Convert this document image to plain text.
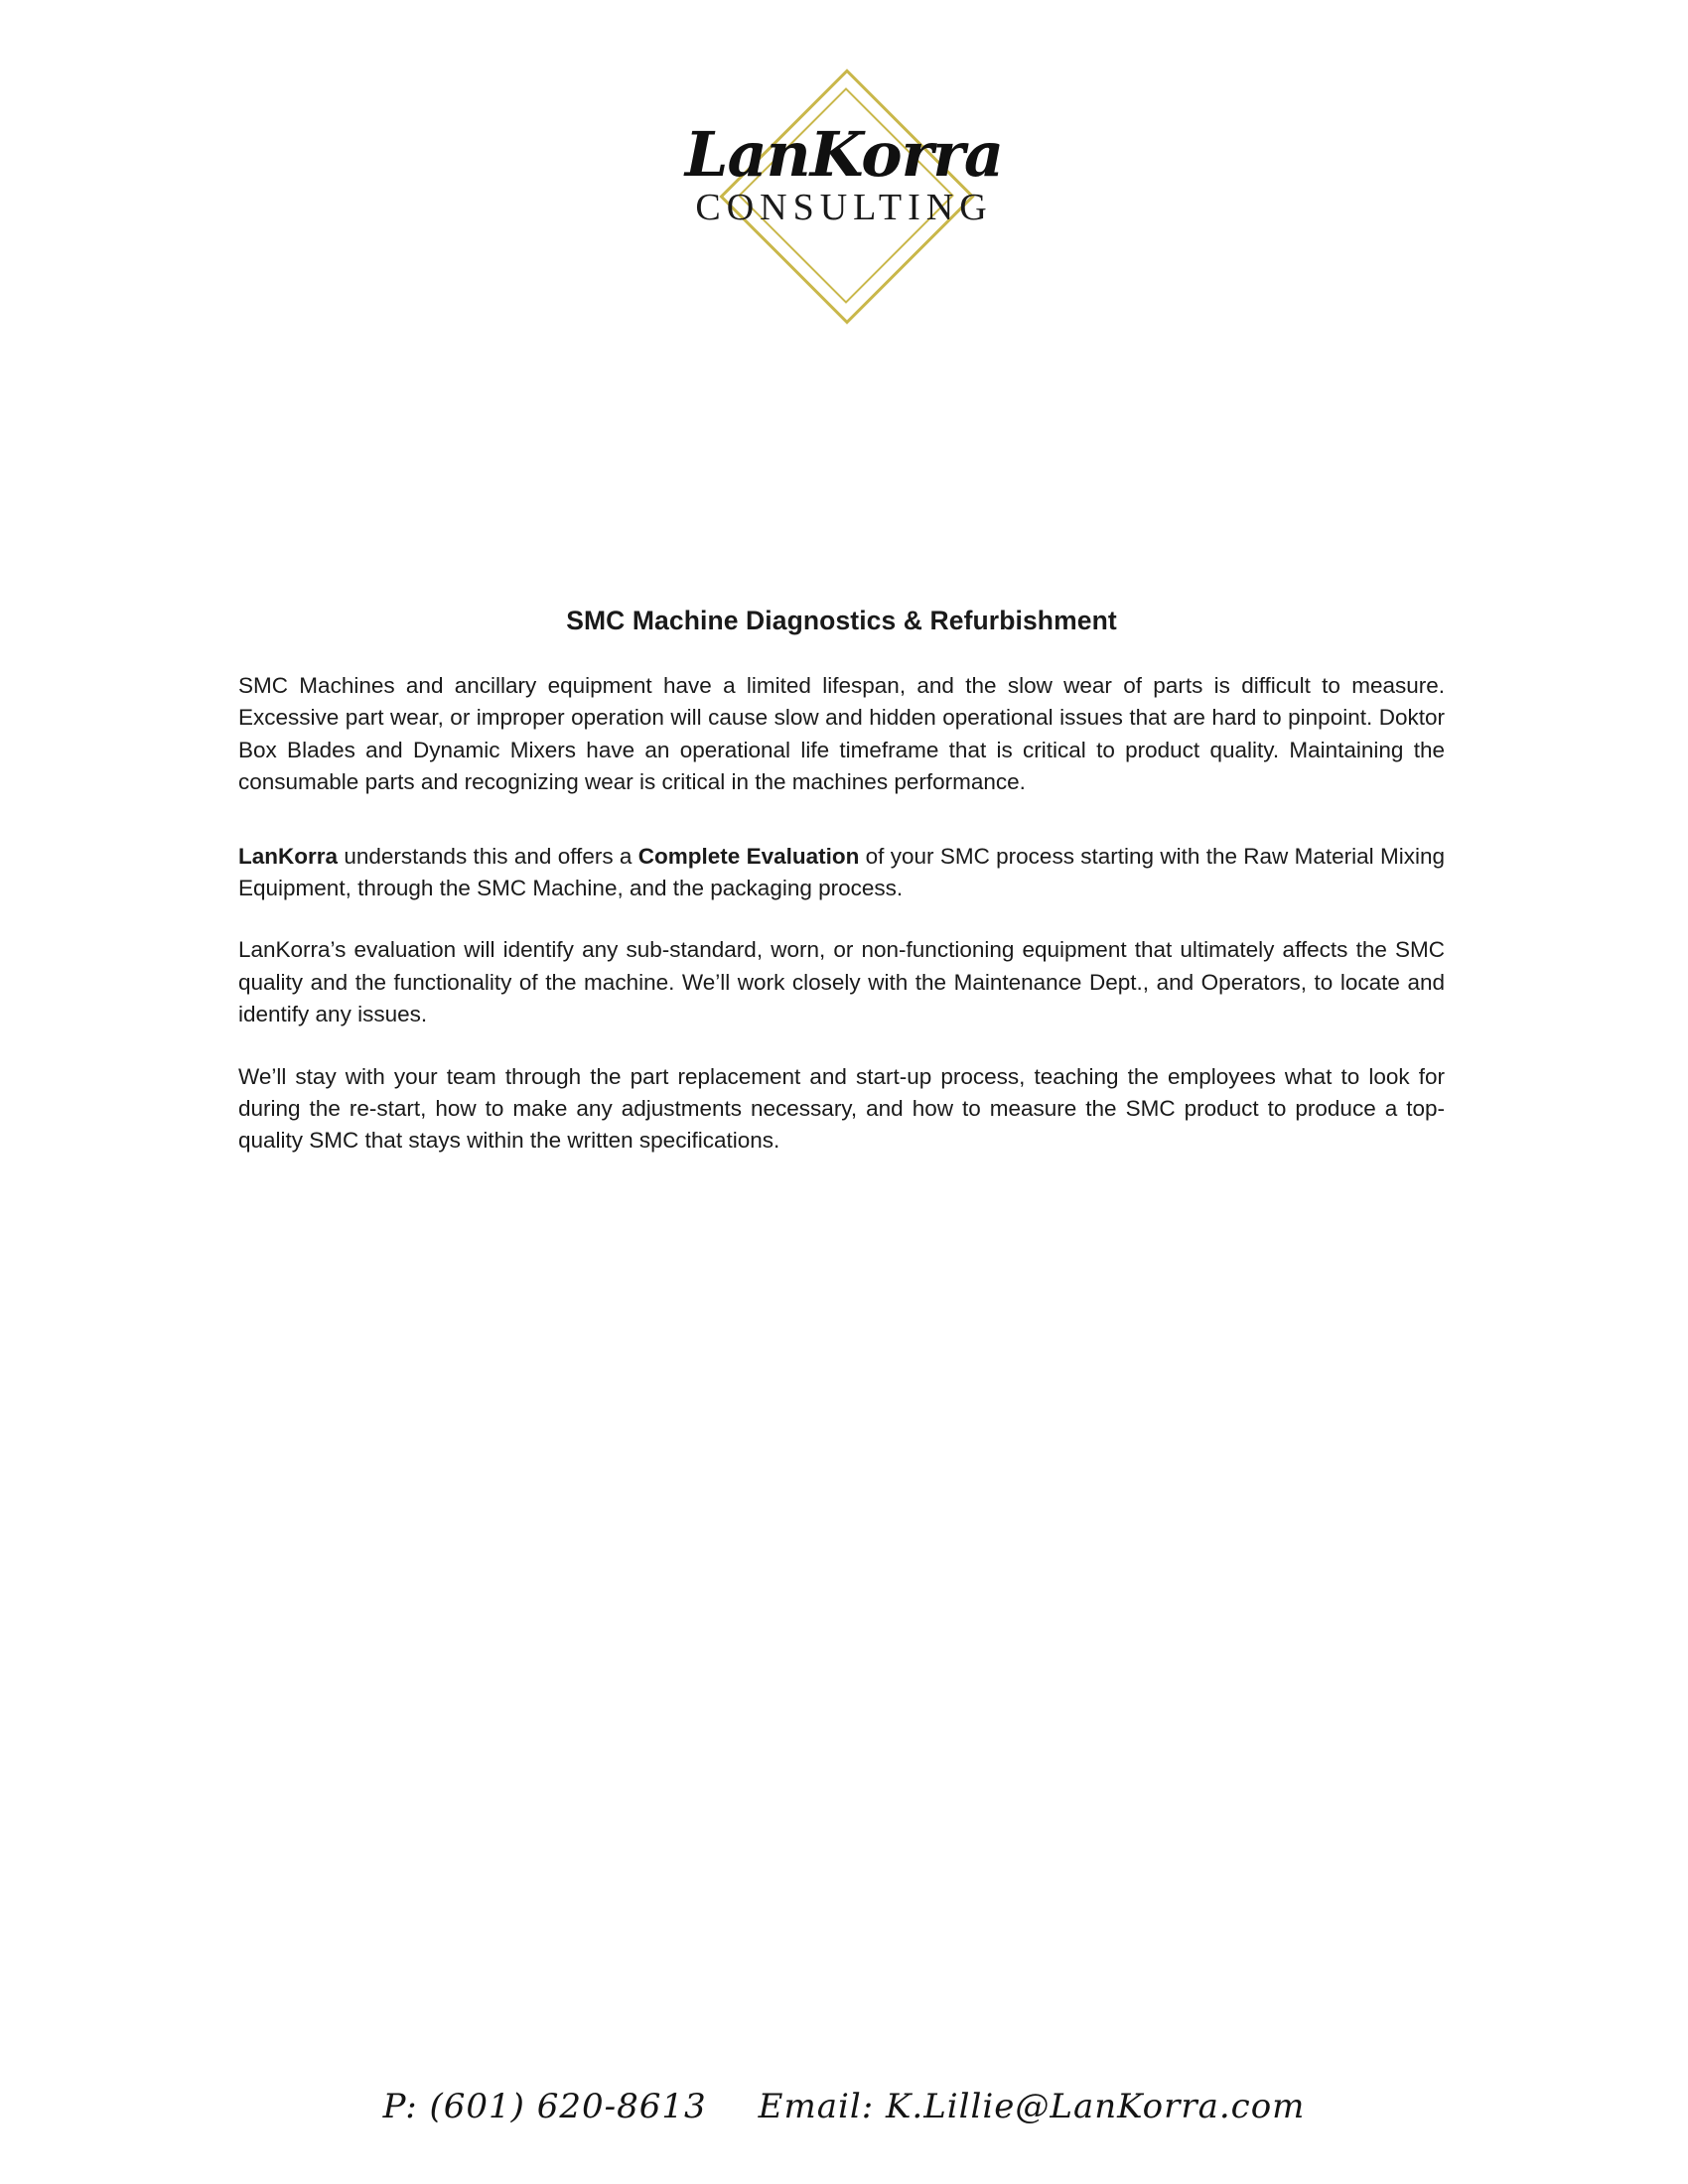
LanKorra
CONSULTING
SMC Machine Diagnostics & Refurbishment

SMC Machines and ancillary equipment have a limited lifespan, and the slow wear of parts is difficult to measure. Excessive part wear, or improper operation will cause slow and hidden operational issues that are hard to pinpoint. Doktor Box Blades and Dynamic Mixers have an operational life timeframe that is critical to product quality. Maintaining the consumable parts and recognizing wear is critical in the machines performance.

LanKorra understands this and offers a Complete Evaluation of your SMC process starting with the Raw Material Mixing Equipment, through the SMC Machine, and the packaging process.

LanKorra’s evaluation will identify any sub-standard, worn, or non-functioning equipment that ultimately affects the SMC quality and the functionality of the machine. We’ll work closely with the Maintenance Dept., and Operators, to locate and identify any issues.

We’ll stay with your team through the part replacement and start-up process, teaching the employees what to look for during the re-start, how to make any adjustments necessary, and how to measure the SMC product to produce a top-quality SMC that stays within the written specifications.

P: (601) 620-8613 Email: K.Lillie@LanKorra.com
